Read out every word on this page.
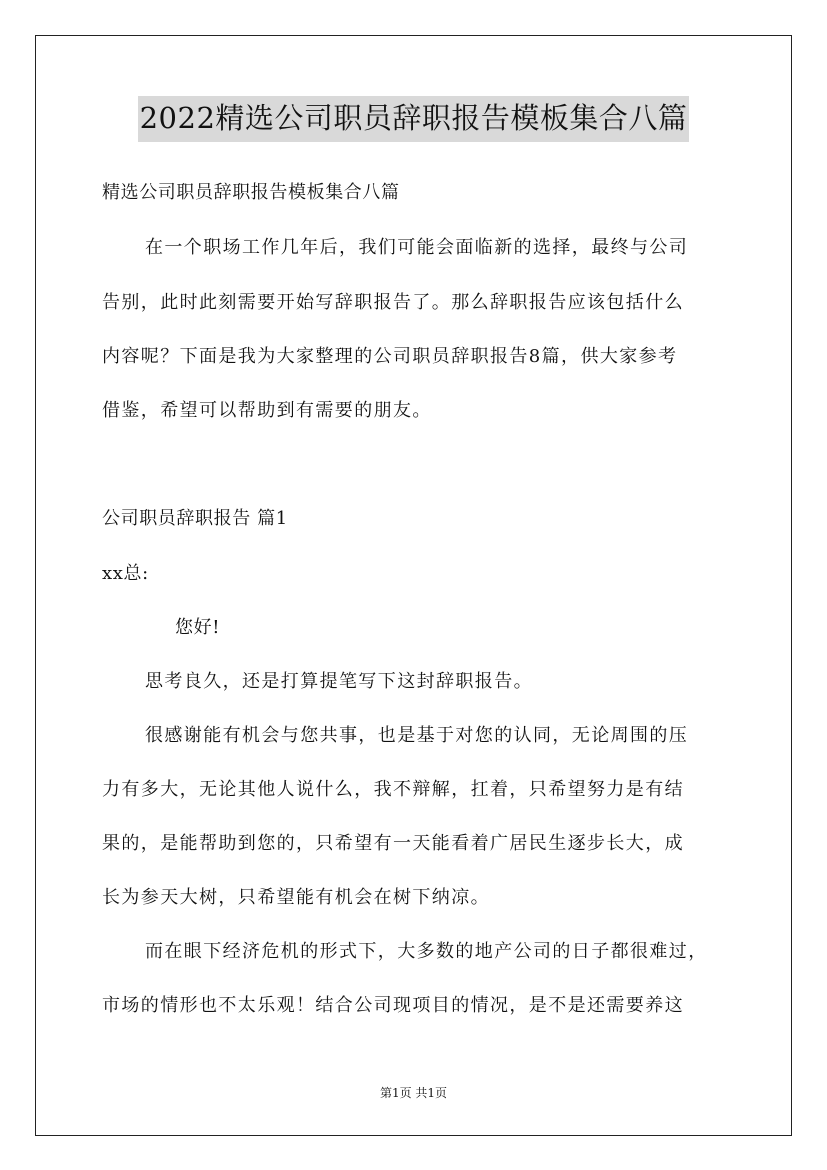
2022精选公司职员辞职报告模板集合八篇
精选公司职员辞职报告模板集合八篇
在一个职场工作几年后，我们可能会面临新的选择，最终与公司
告别，此时此刻需要开始写辞职报告了。那么辞职报告应该包括什么
内容呢？下面是我为大家整理的公司职员辞职报告8篇，供大家参考
借鉴，希望可以帮助到有需要的朋友。
公司职员辞职报告 篇1
xx总:
您好!
思考良久，还是打算提笔写下这封辞职报告。
很感谢能有机会与您共事，也是基于对您的认同，无论周围的压
力有多大，无论其他人说什么，我不辩解，扛着，只希望努力是有结
果的，是能帮助到您的，只希望有一天能看着广居民生逐步长大，成
长为参天大树，只希望能有机会在树下纳凉。
而在眼下经济危机的形式下，大多数的地产公司的日子都很难过，
市场的情形也不太乐观！结合公司现项目的情况，是不是还需要养这
第1页 共1页
